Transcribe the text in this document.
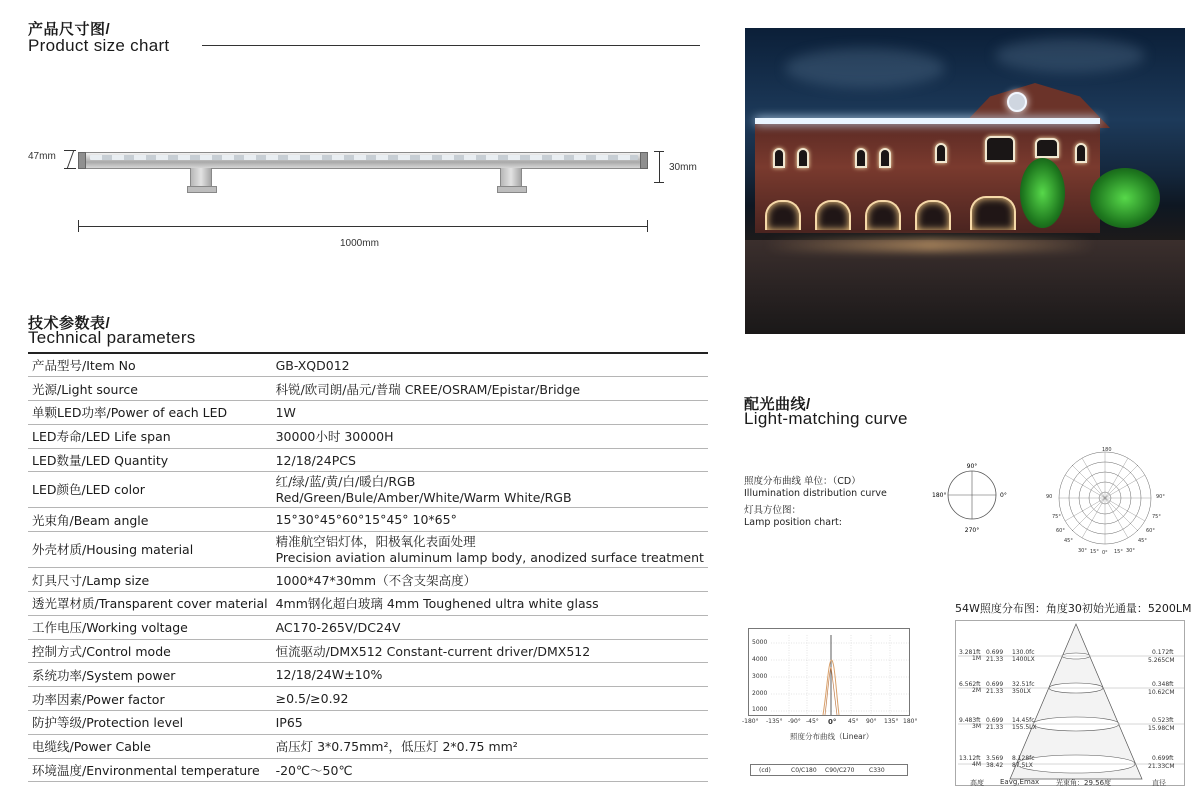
产品尺寸图/
Product size chart
47mm
30mm
1000mm
技术参数表/
Technical parameters
产品型号/Item No	GB-XQD012
光源/Light source	科锐/欧司朗/晶元/普瑞 CREE/OSRAM/Epistar/Bridge
单颗LED功率/Power of each LED	1W
LED寿命/LED Life span	30000小时 30000H
LED数量/LED Quantity	12/18/24PCS
LED颜色/LED color	红/绿/蓝/黄/白/暖白/RGB
Red/Green/Bule/Amber/White/Warm White/RGB

光束角/Beam angle	15°30°45°60°15°45° 10*65°
外壳材质/Housing material	精准航空铝灯体，阳极氧化表面处理
Precision aviation aluminum lamp body, anodized surface treatment

灯具尺寸/Lamp size	1000*47*30mm（不含支架高度）
透光罩材质/Transparent cover material	4mm钢化超白玻璃 4mm Toughened ultra white glass
工作电压/Working voltage	AC170-265V/DC24V
控制方式/Control mode	恒流驱动/DMX512 Constant-current driver/DMX512
系统功率/System power	12/18/24W±10%
功率因素/Power factor	≥0.5/≥0.92
防护等级/Protection level	IP65
电缆线/Power Cable	高压灯 3*0.75mm²，低压灯 2*0.75 mm²
环境温度/Environmental temperature	-20℃～50℃
配光曲线/
Light-matching curve
照度分布曲线 单位：（CD）
Illumination distribution curve
灯具方位图：
Lamp position chart:
90°
180°	0°
270°
180
90	90°
75°	75°
60°	60°
45°	45°
30° 15° 0° 15° 30°
5000
4000
3000
2000
1000
-180° -135° -90° -45° 0° 45° 90° 135° 180°
照度分布曲线（Linear）
(cd)	C0/C180 C90/C270 C330
54W照度分布图：角度30初始光通量：5200LM
3.281ft
1M
0.699 130.0fc
21.33 1400LX
0.172ft
5.265CM
6.562ft
2M
0.699 32.51fc
21.33 350LX
0.348ft
10.62CM
9.483ft
3M
0.699 14.45fc
21.33 155.5LX
0.523ft
15.98CM
13.12ft
4M
3.569 8.128fc
38.42 87.5LX
0.699ft
21.33CM
高度 Eavg,Emax 光束角：29.56度	直径
